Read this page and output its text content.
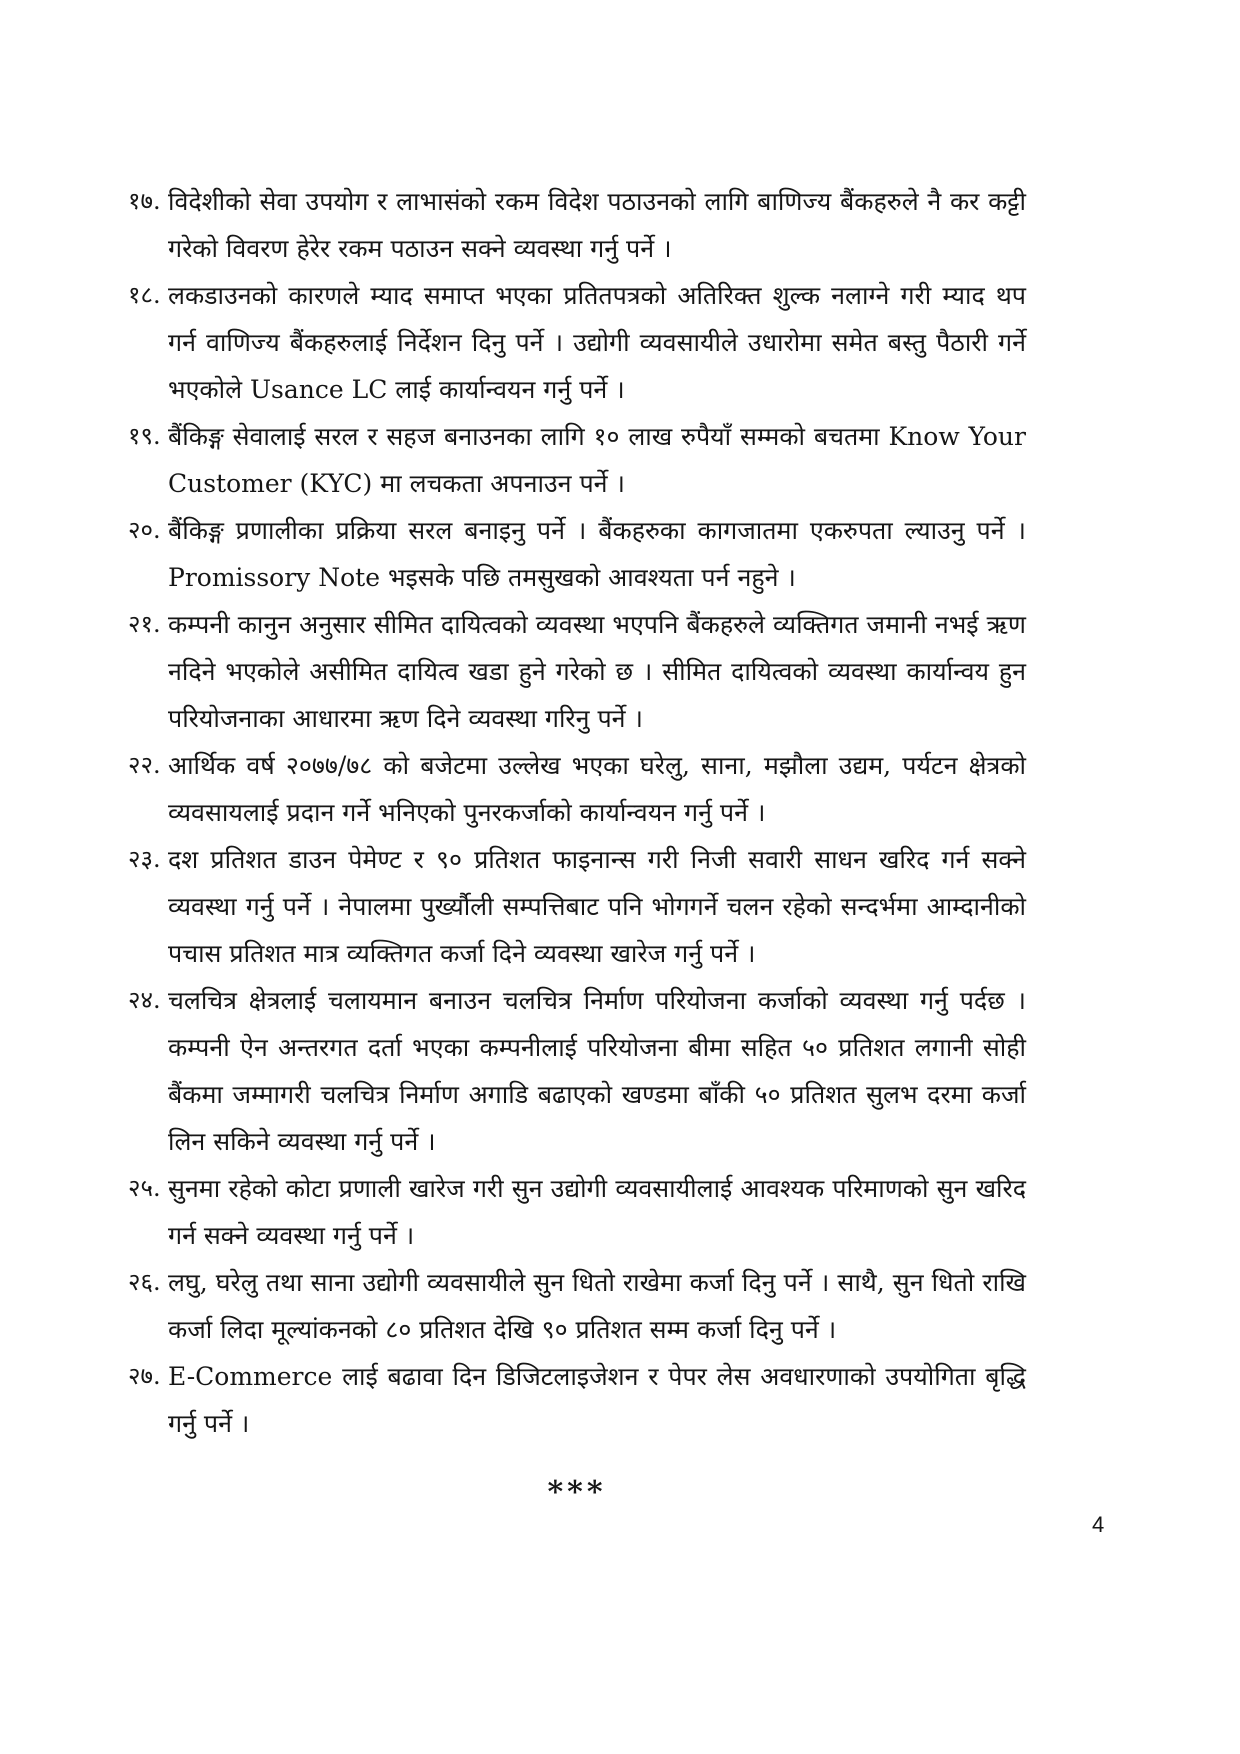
१७. विदेशीको सेवा उपयोग र लाभासंको रकम विदेश पठाउनको लागि बाणिज्य बैंकहरुले नै कर कट्टी गरेको विवरण हेरेर रकम पठाउन सक्ने व्यवस्था गर्नु पर्ने ।
१८. लकडाउनको कारणले म्याद समाप्त भएका प्रतितपत्रको अतिरिक्त शुल्क नलाग्ने गरी म्याद थप गर्न वाणिज्य बैंकहरुलाई निर्देशन दिनु पर्ने । उद्योगी व्यवसायीले उधारोमा समेत बस्तु पैठारी गर्ने भएकोले Usance LC लाई कार्यान्वयन गर्नु पर्ने ।
१९. बैंकिङ्ग सेवालाई सरल र सहज बनाउनका लागि १० लाख रुपैयाँ सम्मको बचतमा Know Your Customer (KYC) मा लचकता अपनाउन पर्ने ।
२०. बैंकिङ्ग प्रणालीका प्रक्रिया सरल बनाइनु पर्ने । बैंकहरुका कागजातमा एकरुपता ल्याउनु पर्ने । Promissory Note भइसके पछि तमसुखको आवश्यता पर्न नहुने ।
२१. कम्पनी कानुन अनुसार सीमित दायित्वको व्यवस्था भएपनि बैंकहरुले व्यक्तिगत जमानी नभई ऋण नदिने भएकोले असीमित दायित्व खडा हुने गरेको छ । सीमित दायित्वको व्यवस्था कार्यान्वय हुन परियोजनाका आधारमा ऋण दिने व्यवस्था गरिनु पर्ने ।
२२. आर्थिक वर्ष २०७७/७८ को बजेटमा उल्लेख भएका घरेलु, साना, मझौला उद्यम, पर्यटन क्षेत्रको व्यवसायलाई प्रदान गर्ने भनिएको पुनरकर्जाको कार्यान्वयन गर्नु पर्ने ।
२३. दश प्रतिशत डाउन पेमेण्ट र ९० प्रतिशत फाइनान्स गरी निजी सवारी साधन खरिद गर्न सक्ने व्यवस्था गर्नु पर्ने । नेपालमा पुर्ख्यौली सम्पत्तिबाट पनि भोगगर्ने चलन रहेको सन्दर्भमा आम्दानीको पचास प्रतिशत मात्र व्यक्तिगत कर्जा दिने व्यवस्था खारेज गर्नु पर्ने ।
२४. चलचित्र क्षेत्रलाई चलायमान बनाउन चलचित्र निर्माण परियोजना कर्जाको व्यवस्था गर्नु पर्दछ । कम्पनी ऐन अन्तरगत दर्ता भएका कम्पनीलाई परियोजना बीमा सहित ५० प्रतिशत लगानी सोही बैंकमा जम्मागरी चलचित्र निर्माण अगाडि बढाएको खण्डमा बाँकी ५० प्रतिशत सुलभ दरमा कर्जा लिन सकिने व्यवस्था गर्नु पर्ने ।
२५. सुनमा रहेको कोटा प्रणाली खारेज गरी सुन उद्योगी व्यवसायीलाई आवश्यक परिमाणको सुन खरिद गर्न सक्ने व्यवस्था गर्नु पर्ने ।
२६. लघु, घरेलु तथा साना उद्योगी व्यवसायीले सुन धितो राखेमा कर्जा दिनु पर्ने । साथै, सुन धितो राखि कर्जा लिदा मूल्यांकनको ८० प्रतिशत देखि ९० प्रतिशत सम्म कर्जा दिनु पर्ने ।
२७. E-Commerce लाई बढावा दिन डिजिटलाइजेशन र पेपर लेस अवधारणाको उपयोगिता बृद्धि गर्नु पर्ने ।
***
4
